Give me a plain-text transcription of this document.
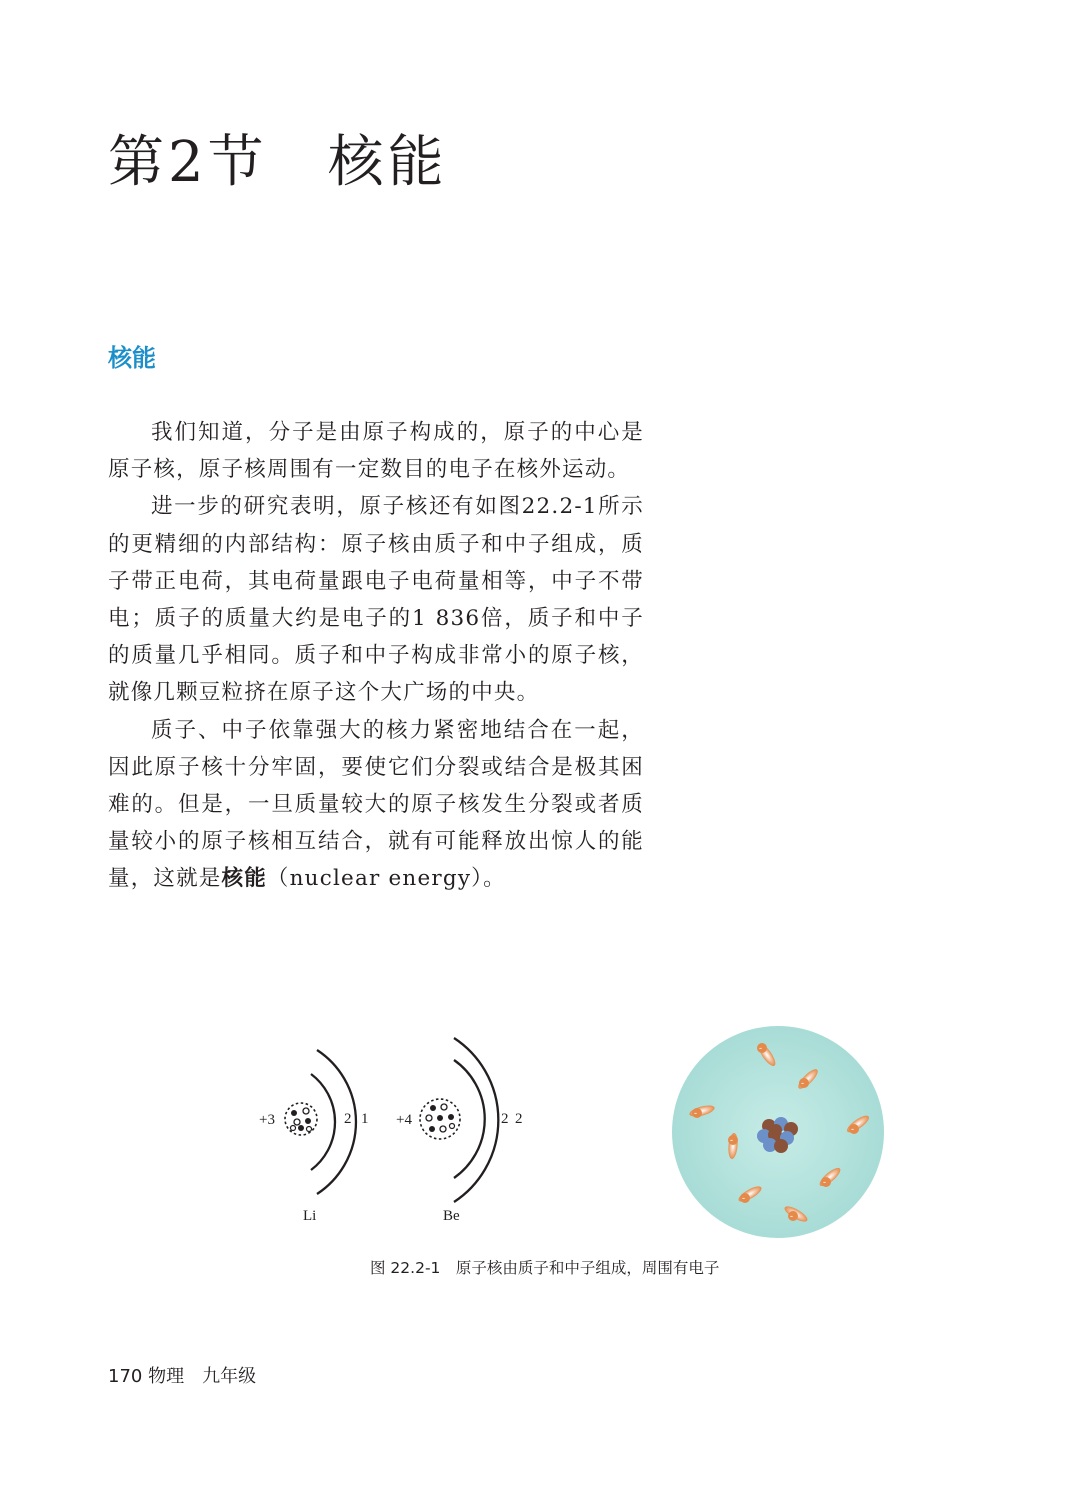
第2节　核能
核能

我们知道，分子是由原子构成的，原子的中心是原子核，原子核周围有一定数目的电子在核外运动。

进一步的研究表明，原子核还有如图22.2-1所示的更精细的内部结构：原子核由质子和中子组成，质子带正电荷，其电荷量跟电子电荷量相等，中子不带电；质子的质量大约是电子的1 836倍，质子和中子的质量几乎相同。质子和中子构成非常小的原子核，就像几颗豆粒挤在原子这个大广场的中央。

质子、中子依靠强大的核力紧密地结合在一起，因此原子核十分牢固，要使它们分裂或结合是极其困难的。但是，一旦质量较大的原子核发生分裂或者质量较小的原子核相互结合，就有可能释放出惊人的能量，这就是核能（nuclear energy）。

+3	2 1
Li
+4	2 2
Be
-
-
-
-
-
-
-
-
图 22.2-1　原子核由质子和中子组成，周围有电子
170 物理　九年级
